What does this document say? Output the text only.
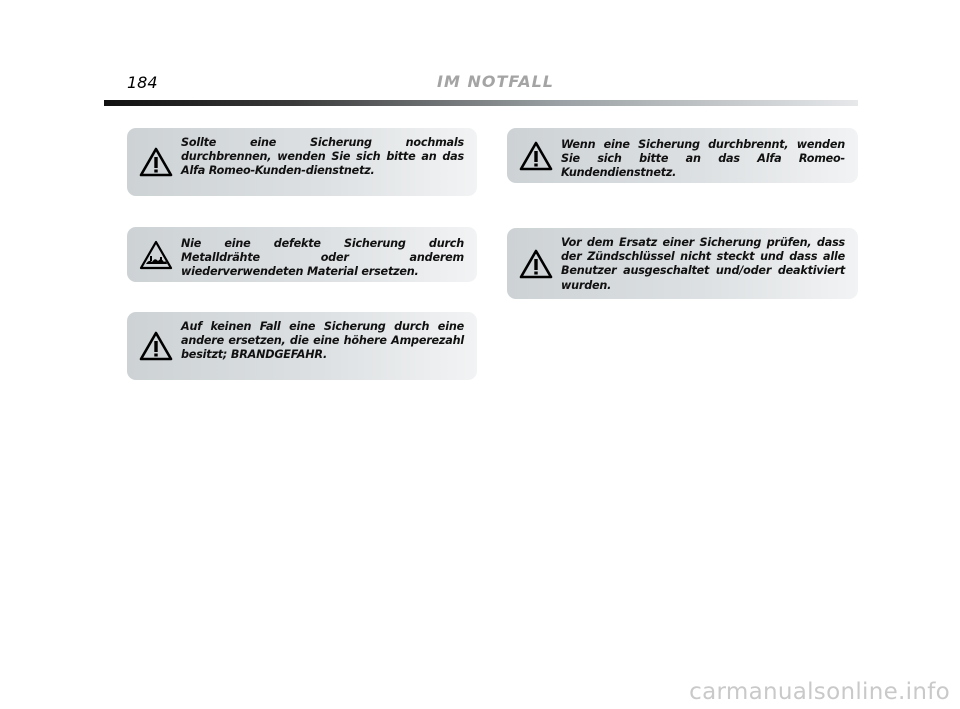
184	IM NOTFALL
Sollte eine Sicherung nochmals durchbrennen, wenden Sie sich bitte an das Alfa Romeo-Kunden-dienstnetz.
Nie eine defekte Sicherung durch Metalldrähte oder anderem wiederverwendeten Material ersetzen.
Auf keinen Fall eine Sicherung durch eine andere ersetzen, die eine höhere Amperezahl besitzt; BRANDGEFAHR.
Wenn eine Sicherung durchbrennt, wenden Sie sich bitte an das Alfa Romeo-Kundendienstnetz.
Vor dem Ersatz einer Sicherung prüfen, dass der Zündschlüssel nicht steckt und dass alle Benutzer ausgeschaltet und/oder deaktiviert wurden.
carmanualsonline.info
